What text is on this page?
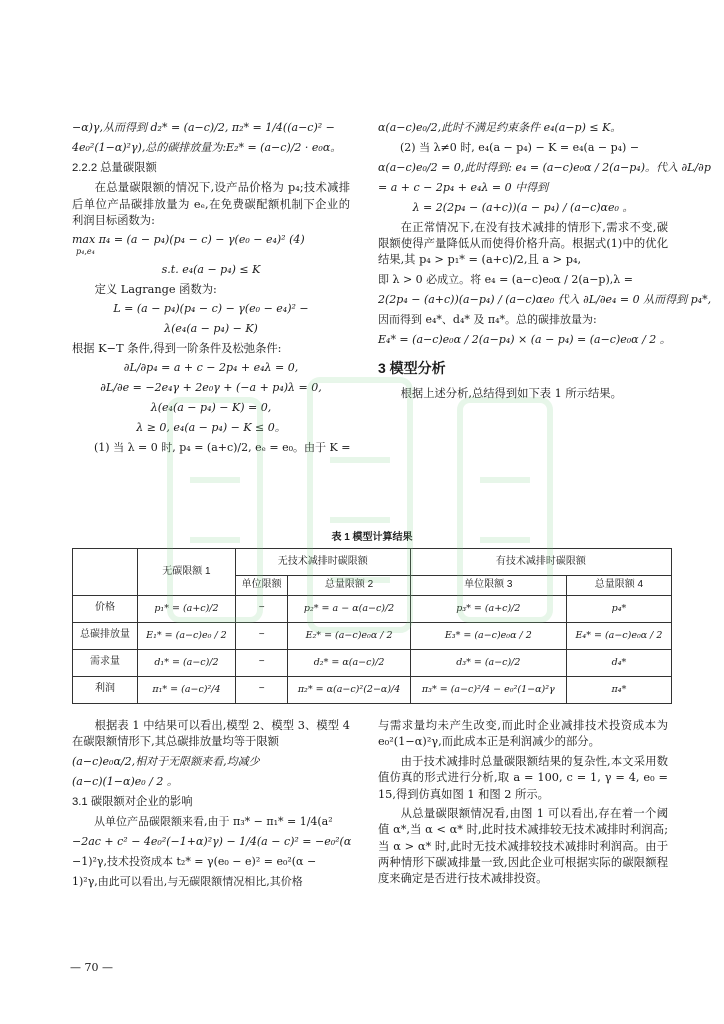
−α)γ,从而得到 d₂* = (a−c)/2, π₂* = 1/4((a−c)² −

4e₀²(1−α)²γ),总的碳排放量为:E₂* = (a−c)/2 · e₀α。

2.2.2 总量碳限额

在总量碳限额的情况下,设产品价格为 p₄;技术减排后单位产品碳排放量为 eₑ,在免费碳配额机制下企业的利润目标函数为:

max π₄ = (a − p₄)(p₄ − c) − γ(e₀ − e₄)² (4)

p₄,e₄

s.t. e₄(a − p₄) ≤ K

定义 Lagrange 函数为:

L = (a − p₄)(p₄ − c) − γ(e₀ − e₄)² −

λ(e₄(a − p₄) − K)

根据 K−T 条件,得到一阶条件及松弛条件:

∂L/∂p₄ = a + c − 2p₄ + e₄λ = 0,

∂L/∂e = −2e₄γ + 2e₀γ + (−a + p₄)λ = 0,

λ(e₄(a − p₄) − K) = 0,

λ ≥ 0, e₄(a − p₄) − K ≤ 0。

(1) 当 λ = 0 时, p₄ = (a+c)/2, eₑ = e₀。由于 K =

α(a−c)e₀/2,此时不满足约束条件 e₄(a−p) ≤ K。

(2) 当 λ≠0 时, e₄(a − p₄) − K = e₄(a − p₄) −

α(a−c)e₀/2 = 0,此时得到: e₄ = (a−c)e₀α / 2(a−p₄)。代入 ∂L/∂p

= a + c − 2p₄ + e₄λ = 0 中得到

λ = 2(2p₄ − (a+c))(a − p₄) / (a−c)αe₀ 。

在正常情况下,在没有技术减排的情形下,需求不变,碳限额使得产量降低从而使得价格升高。根据式(1)中的优化结果,其 p₄ > p₁* = (a+c)/2,且 a > p₄,

即 λ > 0 必成立。将 e₄ = (a−c)e₀α / 2(a−p),λ =

2(2p₄ − (a+c))(a−p₄) / (a−c)αe₀ 代入 ∂L/∂e₄ = 0 从而得到 p₄*,

因而得到 e₄*、d₄* 及 π₄*。总的碳排放量为:

E₄* = (a−c)e₀α / 2(a−p₄) × (a − p₄) = (a−c)e₀α / 2 。

3 模型分析

根据上述分析,总结得到如下表 1 所示结果。

表 1 模型计算结果
	无碳限额 1	无技术减排时碳限额		有技术减排时碳限额	
		单位限额	总量限额 2	单位限额 3	总量限额 4
价格	p₁* = (a+c)/2	−	p₂* = a − α(a−c)/2	p₃* = (a+c)/2	p₄*
总碳排放量	E₁* = (a−c)e₀ / 2	−	E₂* = (a−c)e₀α / 2	E₃* = (a−c)e₀α / 2	E₄* = (a−c)e₀α / 2
需求量	d₁* = (a−c)/2	−	d₂* = α(a−c)/2	d₃* = (a−c)/2	d₄*
利润	π₁* = (a−c)²/4	−	π₂* = α(a−c)²(2−α)/4	π₃* = (a−c)²/4 − e₀²(1−α)²γ	π₄*

根据表 1 中结果可以看出,模型 2、模型 3、模型 4 在碳限额情形下,其总碳排放量均等于限额

(a−c)e₀α/2,相对于无限额来看,均减少

(a−c)(1−α)e₀ / 2 。

3.1 碳限额对企业的影响

从单位产品碳限额来看,由于 π₃* − π₁* = 1/4(a²

−2ac + c² − 4e₀²(−1+α)²γ) − 1/4(a − c)² = −e₀²(α

−1)²γ,技术投资成本 t₂* = γ(e₀ − e)² = e₀²(α −

1)²γ,由此可以看出,与无碳限额情况相比,其价格

与需求量均未产生改变,而此时企业减排技术投资成本为 e₀²(1−α)²γ,而此成本正是利润减少的部分。

由于技术减排时总量碳限额结果的复杂性,本文采用数值仿真的形式进行分析,取 a = 100, c = 1, γ = 4, e₀ = 15,得到仿真如图 1 和图 2 所示。

从总量碳限额情况看,由图 1 可以看出,存在着一个阈值 α*,当 α < α* 时,此时技术减排较无技术减排时利润高;当 α > α* 时,此时无技术减排较技术减排时利润高。由于两种情形下碳减排量一致,因此企业可根据实际的碳限额程度来确定是否进行技术减排投资。

— 70 —
